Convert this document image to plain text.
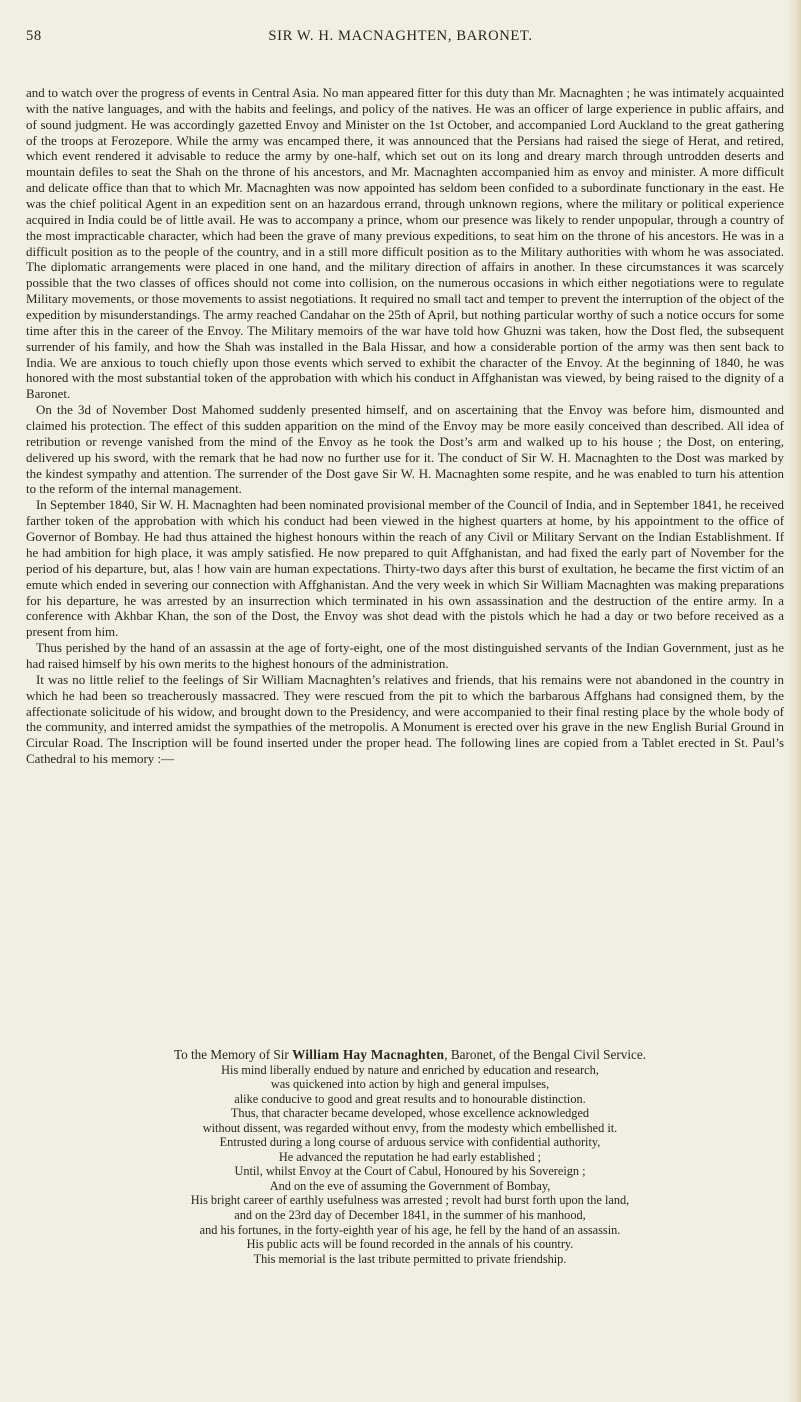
58	SIR W. H. MACNAGHTEN, BARONET.

and to watch over the progress of events in Central Asia. No man appeared fitter for this duty than Mr. Macnaghten ; he was intimately acquainted with the native languages, and with the habits and feelings, and policy of the natives. He was an officer of large experience in public affairs, and of sound judgment. He was accordingly gazetted Envoy and Minister on the 1st October, and accompanied Lord Auckland to the great gathering of the troops at Ferozepore. While the army was encamped there, it was announced that the Persians had raised the siege of Herat, and retired, which event rendered it advisable to reduce the army by one-half, which set out on its long and dreary march through untrodden deserts and mountain defiles to seat the Shah on the throne of his ancestors, and Mr. Macnaghten accompanied him as envoy and minister. A more difficult and delicate office than that to which Mr. Macnaghten was now appointed has seldom been confided to a subordinate functionary in the east. He was the chief political Agent in an expedition sent on an hazardous errand, through unknown regions, where the military or political experience acquired in India could be of little avail. He was to accompany a prince, whom our presence was likely to render unpopular, through a country of the most impracticable character, which had been the grave of many previous expeditions, to seat him on the throne of his ancestors. He was in a difficult position as to the people of the country, and in a still more difficult position as to the Military authorities with whom he was associated. The diplomatic arrangements were placed in one hand, and the military direction of affairs in another. In these circumstances it was scarcely possible that the two classes of offices should not come into collision, on the numerous occasions in which either negotiations were to regulate Military movements, or those movements to assist negotiations. It required no small tact and temper to prevent the interruption of the object of the expedition by misunderstandings. The army reached Candahar on the 25th of April, but nothing particular worthy of such a notice occurs for some time after this in the career of the Envoy. The Military memoirs of the war have told how Ghuzni was taken, how the Dost fled, the subsequent surrender of his family, and how the Shah was installed in the Bala Hissar, and how a considerable portion of the army was then sent back to India. We are anxious to touch chiefly upon those events which served to exhibit the character of the Envoy. At the beginning of 1840, he was honored with the most substantial token of the approbation with which his conduct in Affghanistan was viewed, by being raised to the dignity of a Baronet.

On the 3d of November Dost Mahomed suddenly presented himself, and on ascertaining that the Envoy was before him, dismounted and claimed his protection. The effect of this sudden apparition on the mind of the Envoy may be more easily conceived than described. All idea of retribution or revenge vanished from the mind of the Envoy as he took the Dost’s arm and walked up to his house ; the Dost, on entering, delivered up his sword, with the remark that he had now no further use for it. The conduct of Sir W. H. Macnaghten to the Dost was marked by the kindest sympathy and attention. The surrender of the Dost gave Sir W. H. Macnaghten some respite, and he was enabled to turn his attention to the reform of the internal management.

In September 1840, Sir W. H. Macnaghten had been nominated provisional member of the Council of India, and in September 1841, he received farther token of the approbation with which his conduct had been viewed in the highest quarters at home, by his appointment to the office of Governor of Bombay. He had thus attained the highest honours within the reach of any Civil or Military Servant on the Indian Establishment. If he had ambition for high place, it was amply satisfied. He now prepared to quit Affghanistan, and had fixed the early part of November for the period of his departure, but, alas ! how vain are human expectations. Thirty-two days after this burst of exultation, he became the first victim of an emute which ended in severing our connection with Affghanistan. And the very week in which Sir William Macnaghten was making preparations for his departure, he was arrested by an insurrection which terminated in his own assassination and the destruction of the entire army. In a conference with Akhbar Khan, the son of the Dost, the Envoy was shot dead with the pistols which he had a day or two before received as a present from him.

Thus perished by the hand of an assassin at the age of forty-eight, one of the most distinguished servants of the Indian Government, just as he had raised himself by his own merits to the highest honours of the administration.

It was no little relief to the feelings of Sir William Macnaghten’s relatives and friends, that his remains were not abandoned in the country in which he had been so treacherously massacred. They were rescued from the pit to which the barbarous Affghans had consigned them, by the affectionate solicitude of his widow, and brought down to the Presidency, and were accompanied to their final resting place by the whole body of the community, and interred amidst the sympathies of the metropolis. A Monument is erected over his grave in the new English Burial Ground in Circular Road. The Inscription will be found inserted under the proper head. The following lines are copied from a Tablet erected in St. Paul’s Cathedral to his memory :—

To the Memory of Sir William Hay Macnaghten, Baronet, of the Bengal Civil Service.
His mind liberally endued by nature and enriched by education and research,
was quickened into action by high and general impulses,
alike conducive to good and great results and to honourable distinction.
Thus, that character became developed, whose excellence acknowledged
without dissent, was regarded without envy, from the modesty which embellished it.
Entrusted during a long course of arduous service with confidential authority,
He advanced the reputation he had early established ;
Until, whilst Envoy at the Court of Cabul, Honoured by his Sovereign ;
And on the eve of assuming the Government of Bombay,
His bright career of earthly usefulness was arrested ; revolt had burst forth upon the land,
and on the 23rd day of December 1841, in the summer of his manhood,
and his fortunes, in the forty-eighth year of his age, he fell by the hand of an assassin.
His public acts will be found recorded in the annals of his country.
This memorial is the last tribute permitted to private friendship.
